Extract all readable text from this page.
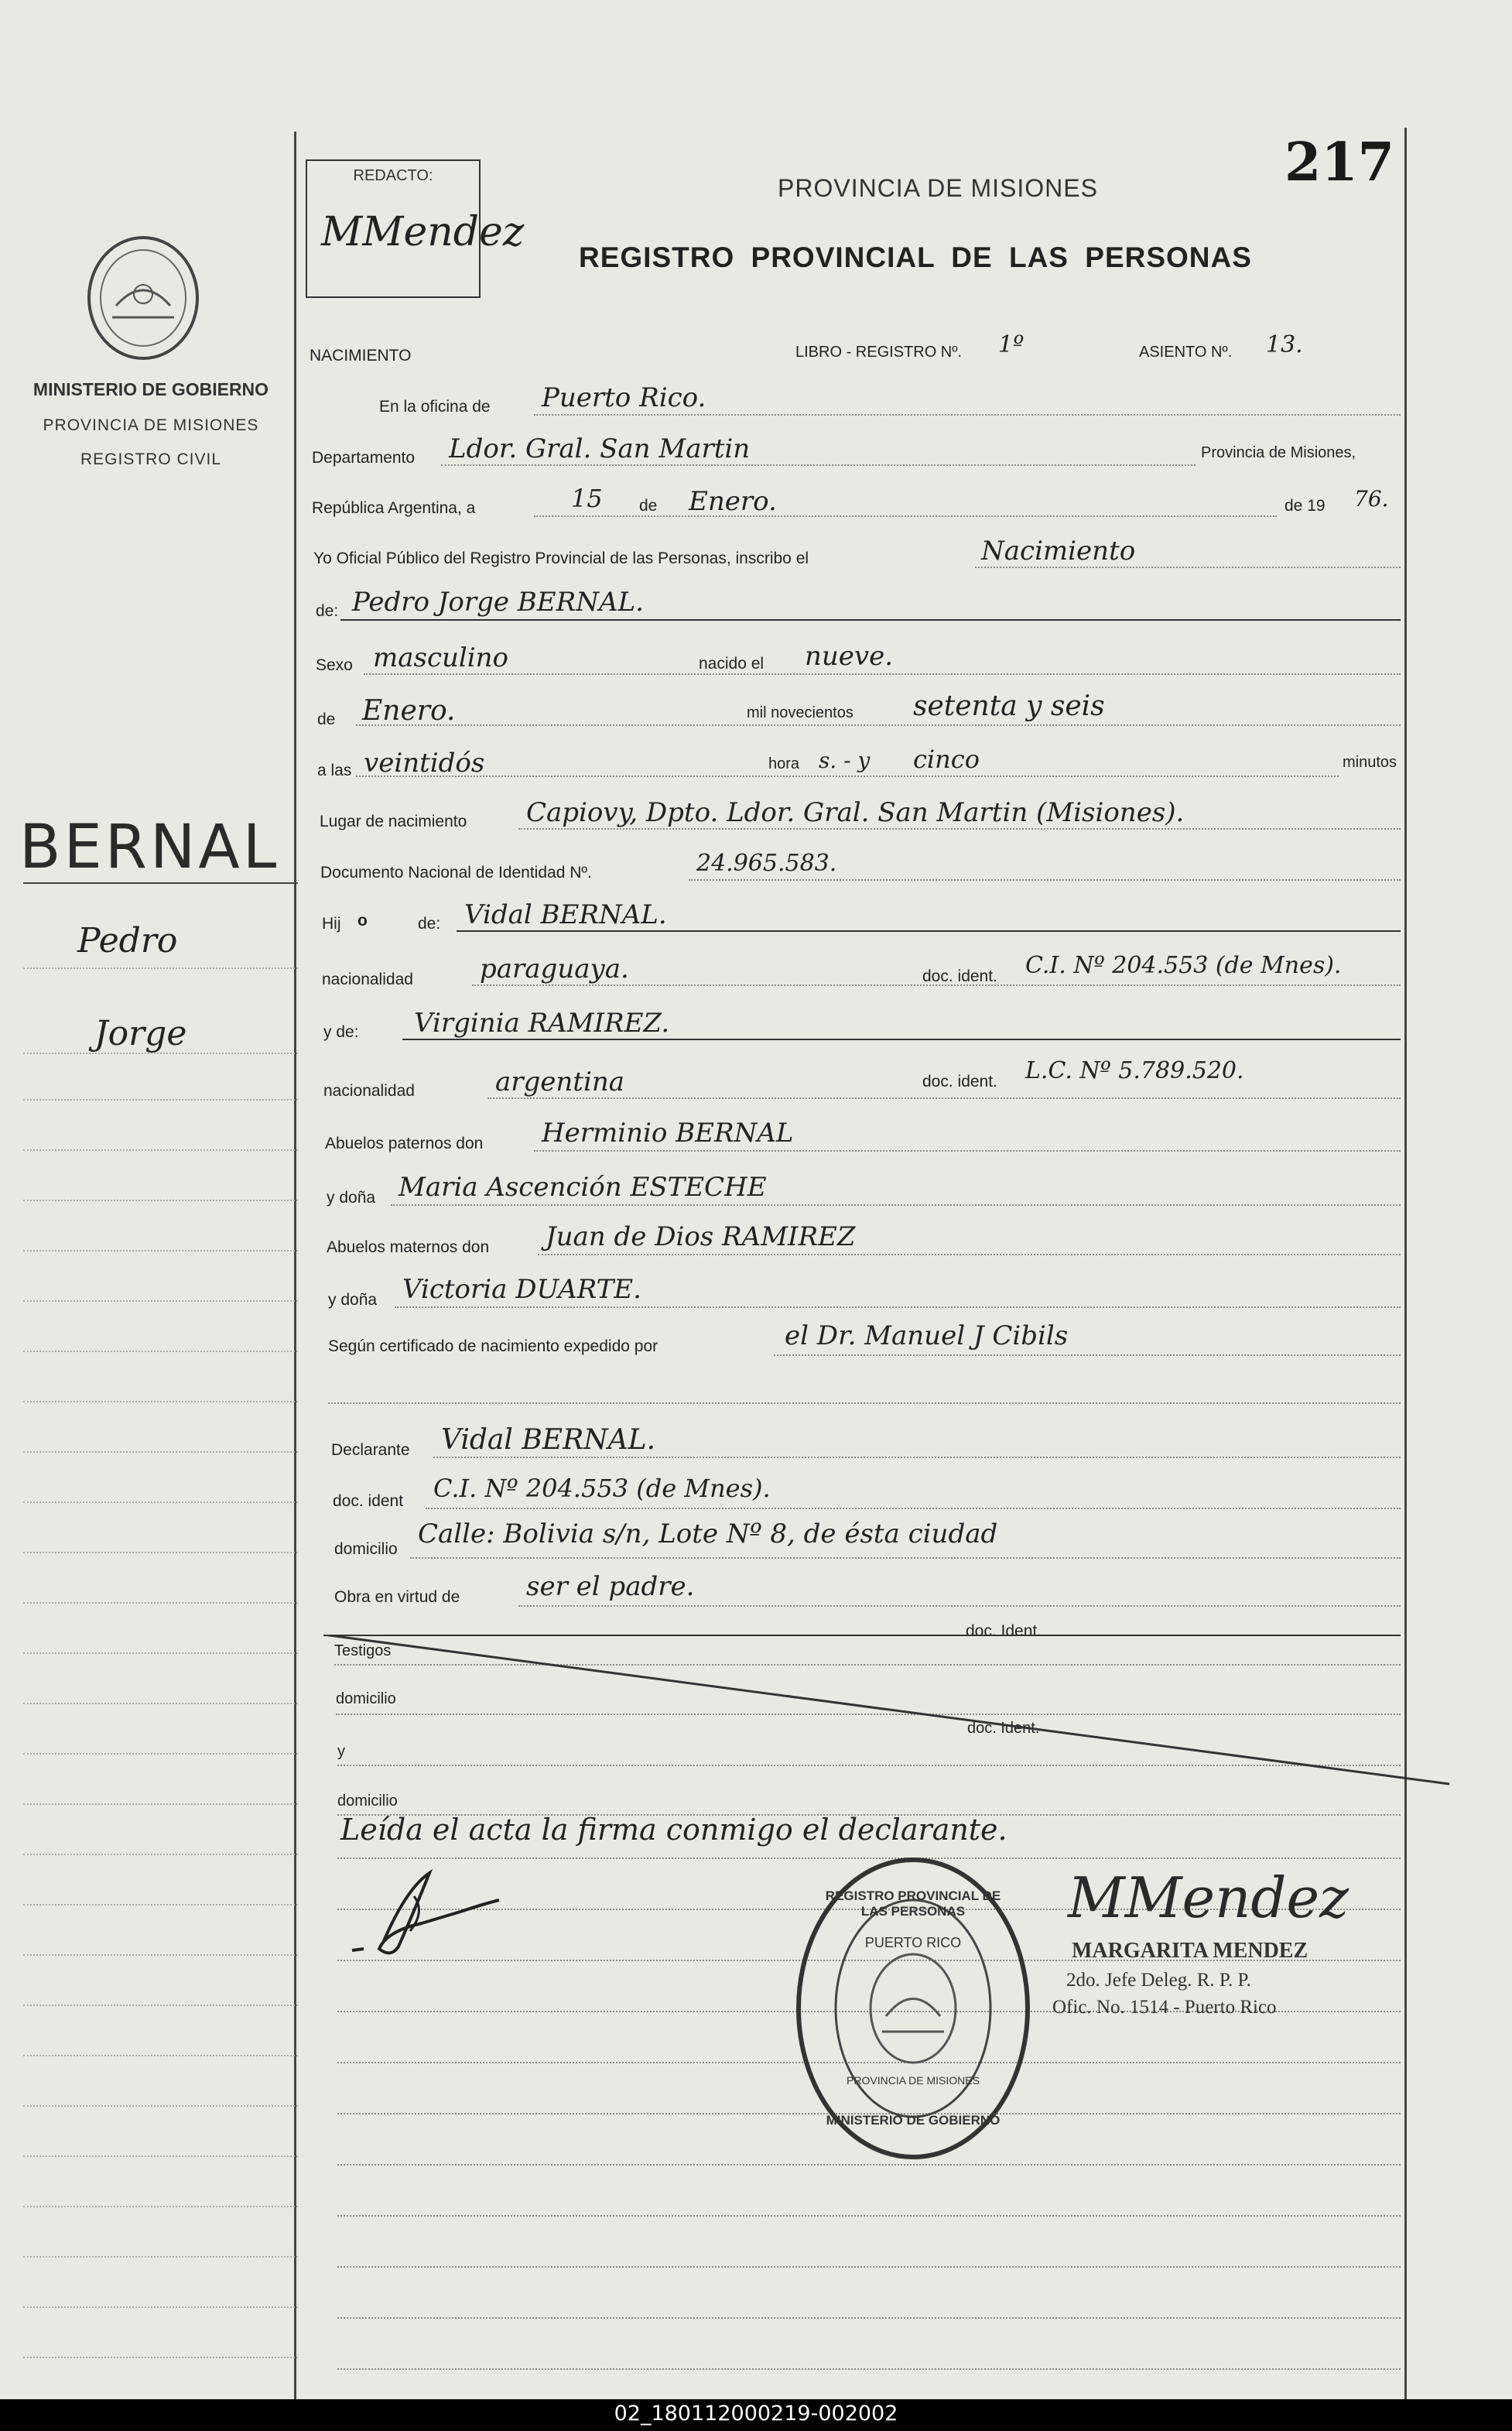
MINISTERIO DE GOBIERNO
PROVINCIA DE MISIONES
REGISTRO CIVIL
BERNAL
Pedro
Jorge
REDACTO:
MMendez
217
PROVINCIA DE MISIONES
REGISTRO PROVINCIAL DE LAS PERSONAS
NACIMIENTO	LIBRO - REGISTRO Nº. 1º	ASIENTO Nº. 13.
En la oficina de Puerto Rico.
Departamento Ldor. Gral. San Martin	Provincia de Misiones,
República Argentina, a	15 de Enero.	de 19 76.
Yo Oficial Público del Registro Provincial de las Personas, inscribo el	Nacimiento
de: Pedro Jorge BERNAL.
Sexo masculino	nacido el nueve.
de Enero.	mil novecientos setenta y seis
a las veintidós	hora s. - y cinco	minutos
Lugar de nacimiento Capiovy, Dpto. Ldor. Gral. San Martin (Misiones).
Documento Nacional de Identidad Nº.	24.965.583.
Hij o	de: Vidal BERNAL.
nacionalidad	paraguaya.	doc. ident. C.I. Nº 204.553 (de Mnes).
y de: Virginia RAMIREZ.
nacionalidad	argentina	doc. ident. L.C. Nº 5.789.520.
Abuelos paternos don Herminio BERNAL
y doña Maria Ascención ESTECHE
Abuelos maternos don Juan de Dios RAMIREZ
y doña Victoria DUARTE.
Según certificado de nacimiento expedido por	el Dr. Manuel J Cibils
Declarante Vidal BERNAL.
doc. ident C.I. Nº 204.553 (de Mnes).
domicilio Calle: Bolivia s/n, Lote Nº 8, de ésta ciudad
Obra en virtud de	ser el padre.
doc. Ident.
Testigos
domicilio
doc. Ident.
y
domicilio
Leída el acta la firma conmigo el declarante.
REGISTRO PROVINCIAL DE LAS PERSONAS
PUERTO RICO
PROVINCIA DE MISIONES
MINISTERIO DE GOBIERNO
MMendez
MARGARITA MENDEZ
2do. Jefe Deleg. R. P. P.
Ofic. No. 1514 - Puerto Rico
02_180112000219-002002
